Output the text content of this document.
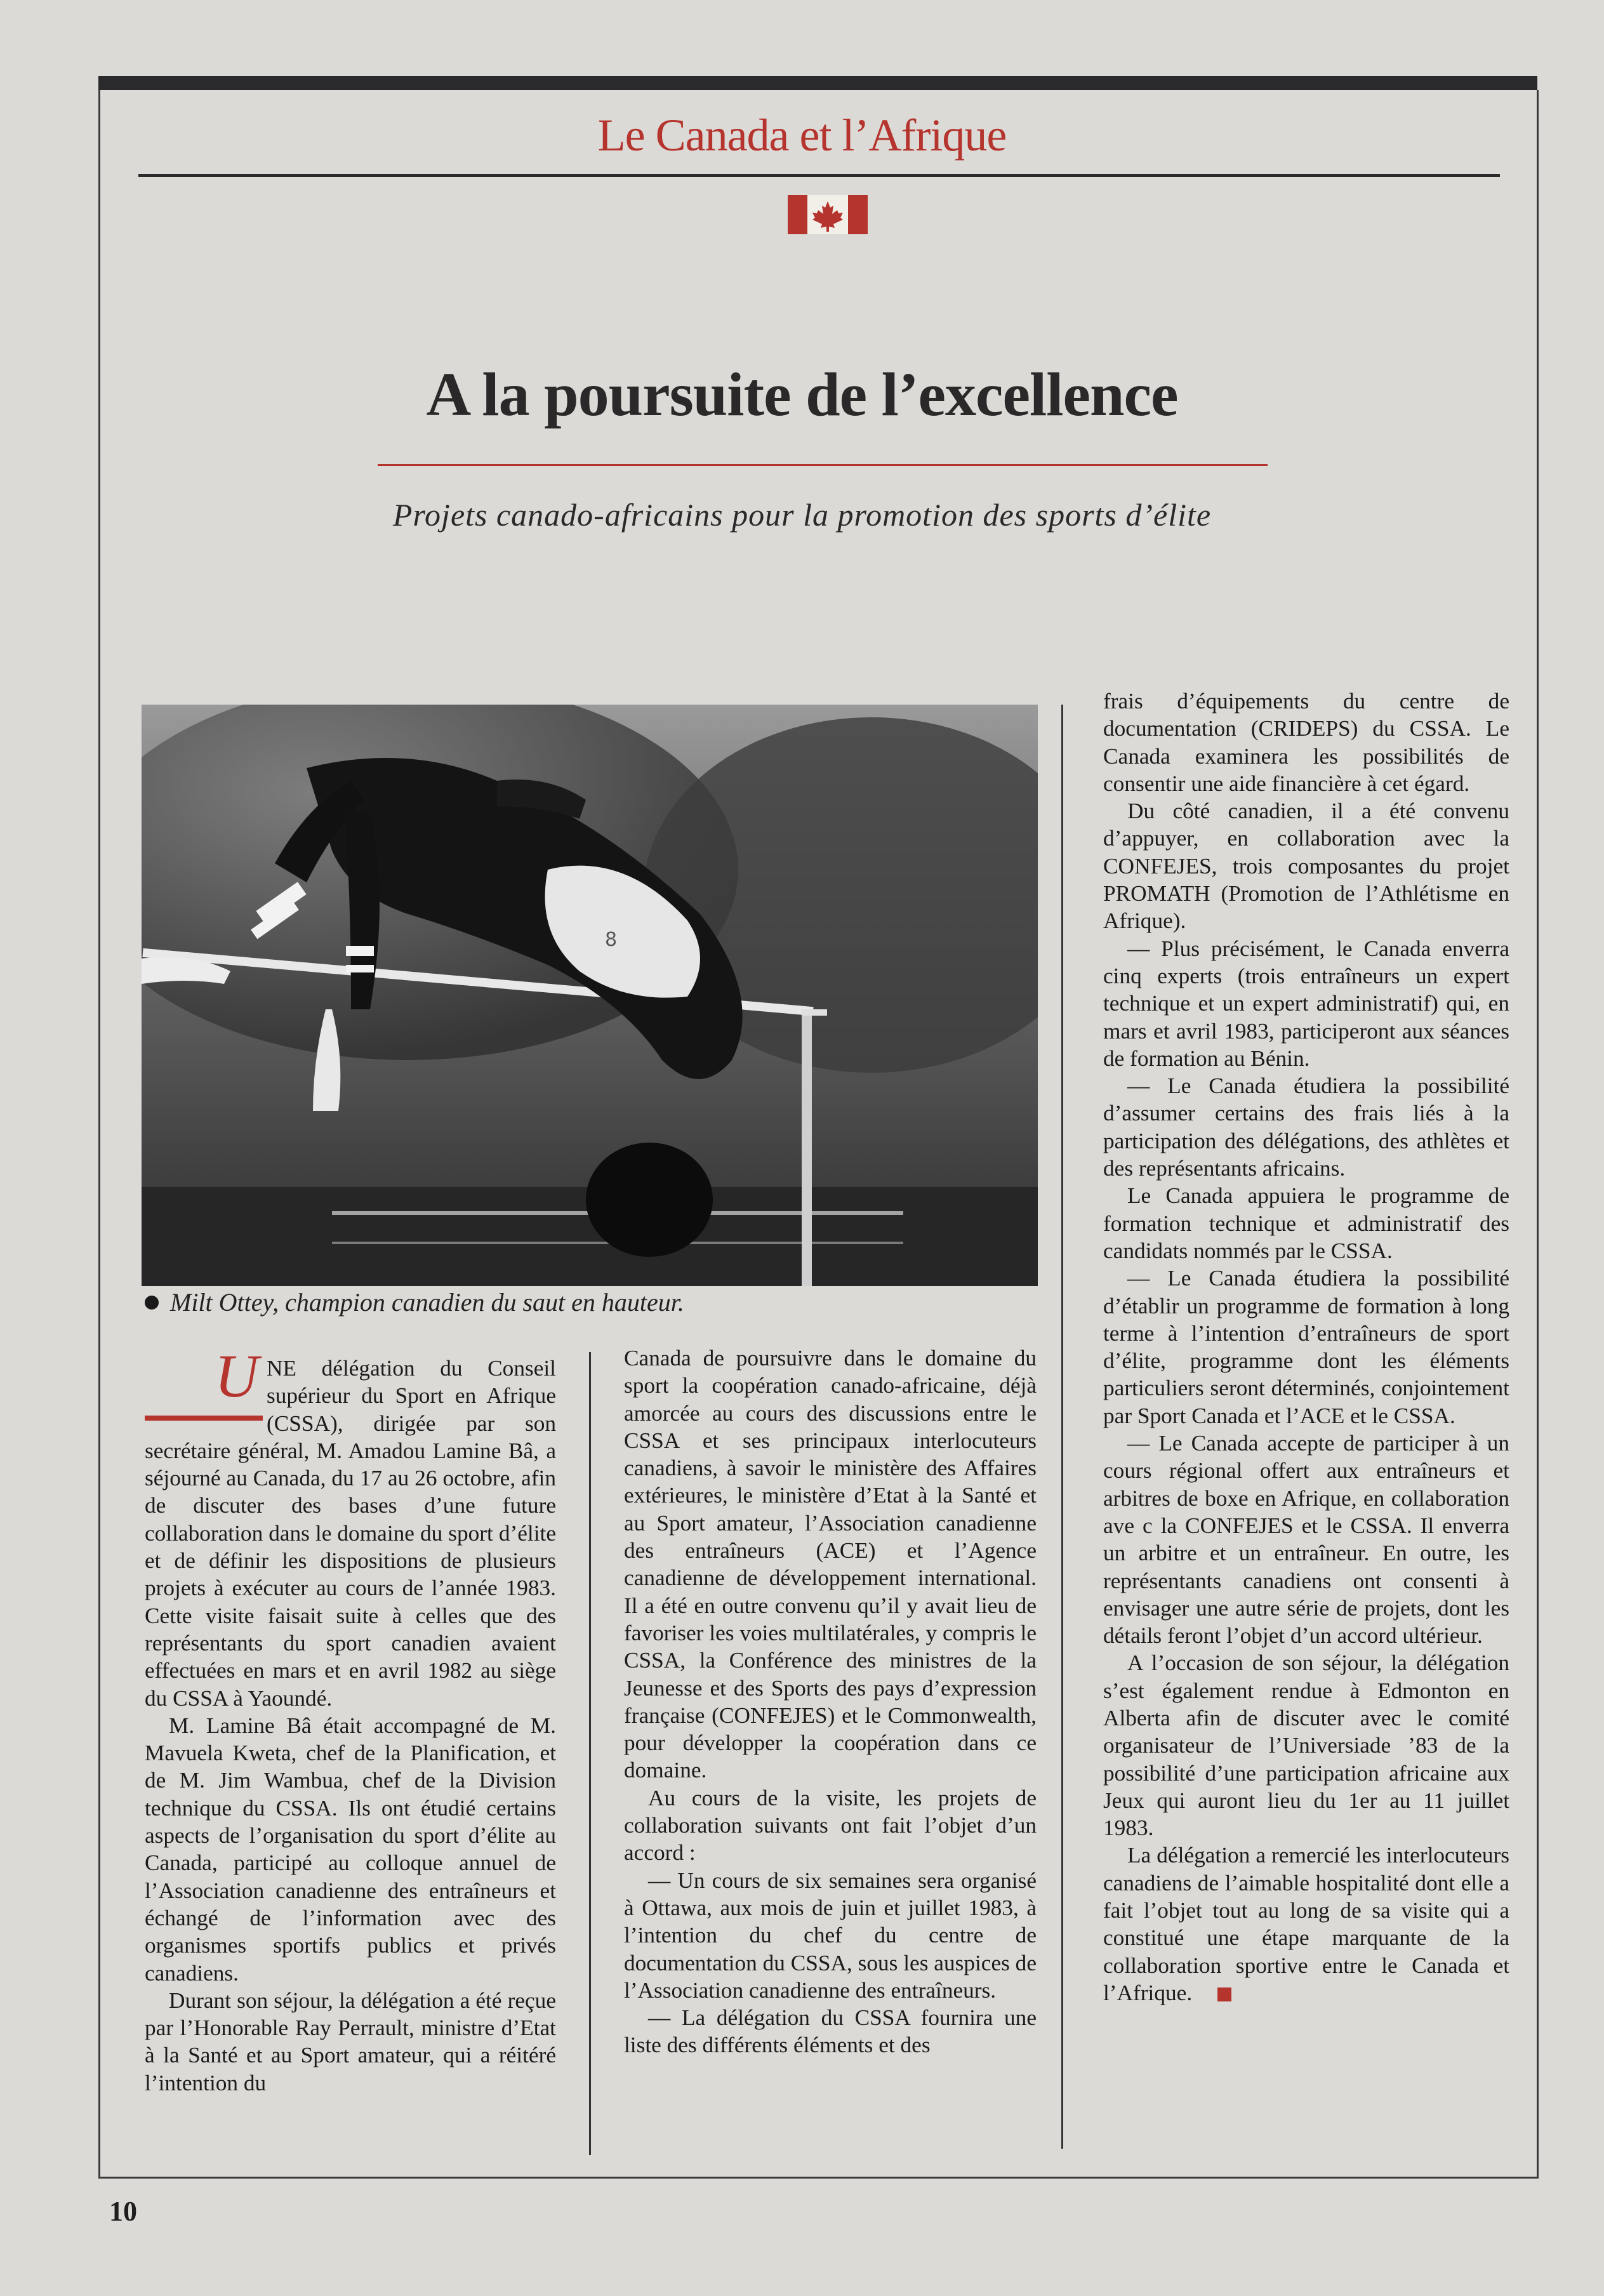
Le Canada et l’Afrique
A la poursuite de l’excellence
Projets canado-africains pour la promotion des sports d’élite
8
Milt Ottey, champion canadien du saut en hauteur.

U NE délégation du Conseil supérieur du Sport en Afrique (CSSA), dirigée par son secrétaire général, M. Amadou Lamine Bâ, a séjourné au Canada, du 17 au 26 octobre, afin de discuter des bases d’une future collaboration dans le domaine du sport d’élite et de définir les dispositions de plusieurs projets à exécuter au cours de l’année 1983. Cette visite faisait suite à celles que des représentants du sport canadien avaient effectuées en mars et en avril 1982 au siège du CSSA à Yaoundé.

M. Lamine Bâ était accompagné de M. Mavuela Kweta, chef de la Planification, et de M. Jim Wambua, chef de la Division technique du CSSA. Ils ont étudié certains aspects de l’organisation du sport d’élite au Canada, participé au colloque annuel de l’Association canadienne des entraîneurs et échangé de l’information avec des organismes sportifs publics et privés canadiens.

Durant son séjour, la délégation a été reçue par l’Honorable Ray Perrault, ministre d’Etat à la Santé et au Sport amateur, qui a réitéré l’intention du

Canada de poursuivre dans le domaine du sport la coopération canado-africaine, déjà amorcée au cours des discussions entre le CSSA et ses principaux interlocuteurs canadiens, à savoir le ministère des Affaires extérieures, le ministère d’Etat à la Santé et au Sport amateur, l’Association canadienne des entraîneurs (ACE) et l’Agence canadienne de développement international. Il a été en outre convenu qu’il y avait lieu de favoriser les voies multilatérales, y compris le CSSA, la Conférence des ministres de la Jeunesse et des Sports des pays d’expression française (CONFEJES) et le Commonwealth, pour développer la coopération dans ce domaine.

Au cours de la visite, les projets de collaboration suivants ont fait l’objet d’un accord :

— Un cours de six semaines sera organisé à Ottawa, aux mois de juin et juillet 1983, à l’intention du chef du centre de documentation du CSSA, sous les auspices de l’Association canadienne des entraîneurs.

— La délégation du CSSA fournira une liste des différents éléments et des

frais d’équipements du centre de documentation (CRIDEPS) du CSSA. Le Canada examinera les possibilités de consentir une aide financière à cet égard.

Du côté canadien, il a été convenu d’appuyer, en collaboration avec la CONFEJES, trois composantes du projet PROMATH (Promotion de l’Athlétisme en Afrique).

— Plus précisément, le Canada enverra cinq experts (trois entraîneurs un expert technique et un expert administratif) qui, en mars et avril 1983, participeront aux séances de formation au Bénin.

— Le Canada étudiera la possibilité d’assumer certains des frais liés à la participation des délégations, des athlètes et des représentants africains.

Le Canada appuiera le programme de formation technique et administratif des candidats nommés par le CSSA.

— Le Canada étudiera la possibilité d’établir un programme de formation à long terme à l’intention d’entraîneurs de sport d’élite, programme dont les éléments particuliers seront déterminés, conjointement par Sport Canada et l’ACE et le CSSA.

— Le Canada accepte de participer à un cours régional offert aux entraîneurs et arbitres de boxe en Afrique, en collaboration ave c la CONFEJES et le CSSA. Il enverra un arbitre et un entraîneur. En outre, les représentants canadiens ont consenti à envisager une autre série de projets, dont les détails feront l’objet d’un accord ultérieur.

A l’occasion de son séjour, la délégation s’est également rendue à Edmonton en Alberta afin de discuter avec le comité organisateur de l’Universiade ’83 de la possibilité d’une participation africaine aux Jeux qui auront lieu du 1er au 11 juillet 1983.

La délégation a remercié les interlocuteurs canadiens de l’aimable hospitalité dont elle a fait l’objet tout au long de sa visite qui a constitué une étape marquante de la collaboration sportive entre le Canada et l’Afrique.

10
